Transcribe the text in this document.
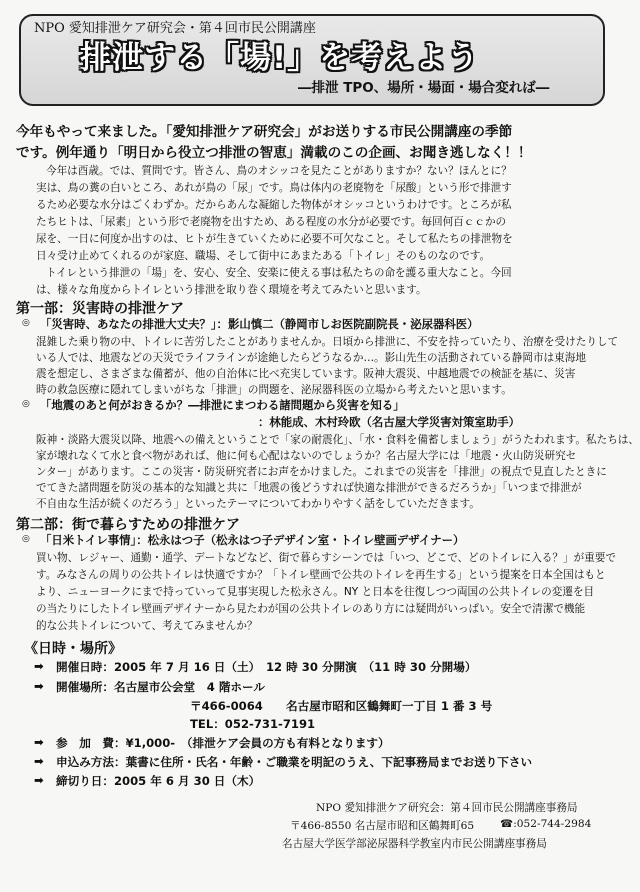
NPO 愛知排泄ケア研究会・第４回市民公開講座
排泄する「場!」を考えよう
―排泄 TPO、場所・場面・場合変れば―
今年もやって来ました。「愛知排泄ケア研究会」がお送りする市民公開講座の季節
です。例年通り「明日から役立つ排泄の智恵」満載のこの企画、お聞き逃しなく！！
今年は酉歳。では、質問です。皆さん、鳥のオシッコを見たことがありますか？ない？ほんとに？
実は、鳥の糞の白いところ、あれが鳥の「尿」です。鳥は体内の老廃物を「尿酸」という形で排泄す
るため必要な水分はごくわずか。だからあんな凝縮した物体がオシッコというわけです。ところが私
たちヒトは、「尿素」という形で老廃物を出すため、ある程度の水分が必要です。毎回何百ｃｃかの
尿を、一日に何度か出すのは、ヒトが生きていくために必要不可欠なこと。そして私たちの排泄物を
日々受け止めてくれるのが家庭、職場、そして街中にあまたある「トイレ」そのものなのです。
トイレという排泄の「場」を、安心、安全、安楽に使える事は私たちの命を護る重大なこと。今回
は、様々な角度からトイレという排泄を取り巻く環境を考えてみたいと思います。
第一部：災害時の排泄ケア
◎ 「災害時、あなたの排泄大丈夫？」：影山慎二（静岡市しお医院副院長・泌尿器科医）
混雑した乗り物の中、トイレに苦労したことがありませんか。日頃から排泄に、不安を持っていたり、治療を受けたりして
いる人では、地震などの天災でライフラインが途絶したらどうなるか…。影山先生の活動されている静岡市は東海地
震を想定し、さまざまな備蓄が、他の自治体に比べ充実しています。阪神大震災、中越地震での検証を基に、災害
時の救急医療に隠れてしまいがちな「排泄」の問題を、泌尿器科医の立場から考えたいと思います。
◎ 「地震のあと何がおきるか？―排泄にまつわる諸問題から災害を知る」
：林能成、木村玲欧（名古屋大学災害対策室助手）
阪神・淡路大震災以降、地震への備えということで「家の耐震化」、「水・食料を備蓄しましょう」がうたわれます。私たちは、
家が壊れなくて水と食べ物があれば、他に何も心配はないのでしょうか？名古屋大学には「地震・火山防災研究セ
ンター」があります。ここの災害・防災研究者にお声をかけました。これまでの災害を「排泄」の視点で見直したときに
でてきた諸問題を防災の基本的な知識と共に「地震の後どうすれば快適な排泄ができるだろうか」「いつまで排泄が
不自由な生活が続くのだろう」といったテーマについてわかりやすく話をしていただきます。
第二部：街で暮らすための排泄ケア
◎ 「日米トイレ事情」：松永はつ子（松永はつ子デザイン室・トイレ壁画デザイナー）
買い物、レジャー、通勤・通学、デートなどなど、街で暮らすシーンでは「いつ、どこで、どのトイレに入る？」が重要で
す。みなさんの周りの公共トイレは快適ですか？「トイレ壁画で公共のトイレを再生する」という提案を日本全国はもと
より、ニューヨークにまで持っていって見事実現した松永さん。NY と日本を往復しつつ両国の公共トイレの変遷を目
の当たりにしたトイレ壁画デザイナーから見たわが国の公共トイレのあり方には疑問がいっぱい。安全で清潔で機能
的な公共トイレについて、考えてみませんか？
《日時・場所》
➡ 開催日時：2005 年 7 月 16 日（土）　12 時 30 分開演　（11 時 30 分開場）
➡ 開催場所：名古屋市公会堂　4 階ホール
〒466-0064　　名古屋市昭和区鶴舞町一丁目 1 番 3 号
TEL：052-731-7191
➡ 参　加　費：¥1,000-　（排泄ケア会員の方も有料となります）
➡ 申込み方法：葉書に住所・氏名・年齢・ご職業を明記のうえ、下記事務局までお送り下さい
➡ 締切り日：2005 年 6 月 30 日（木）
NPO 愛知排泄ケア研究会：第４回市民公開講座事務局
〒466-8550 名古屋市昭和区鶴舞町65 ☎:052-744-2984
名古屋大学医学部泌尿器科学教室内市民公開講座事務局
